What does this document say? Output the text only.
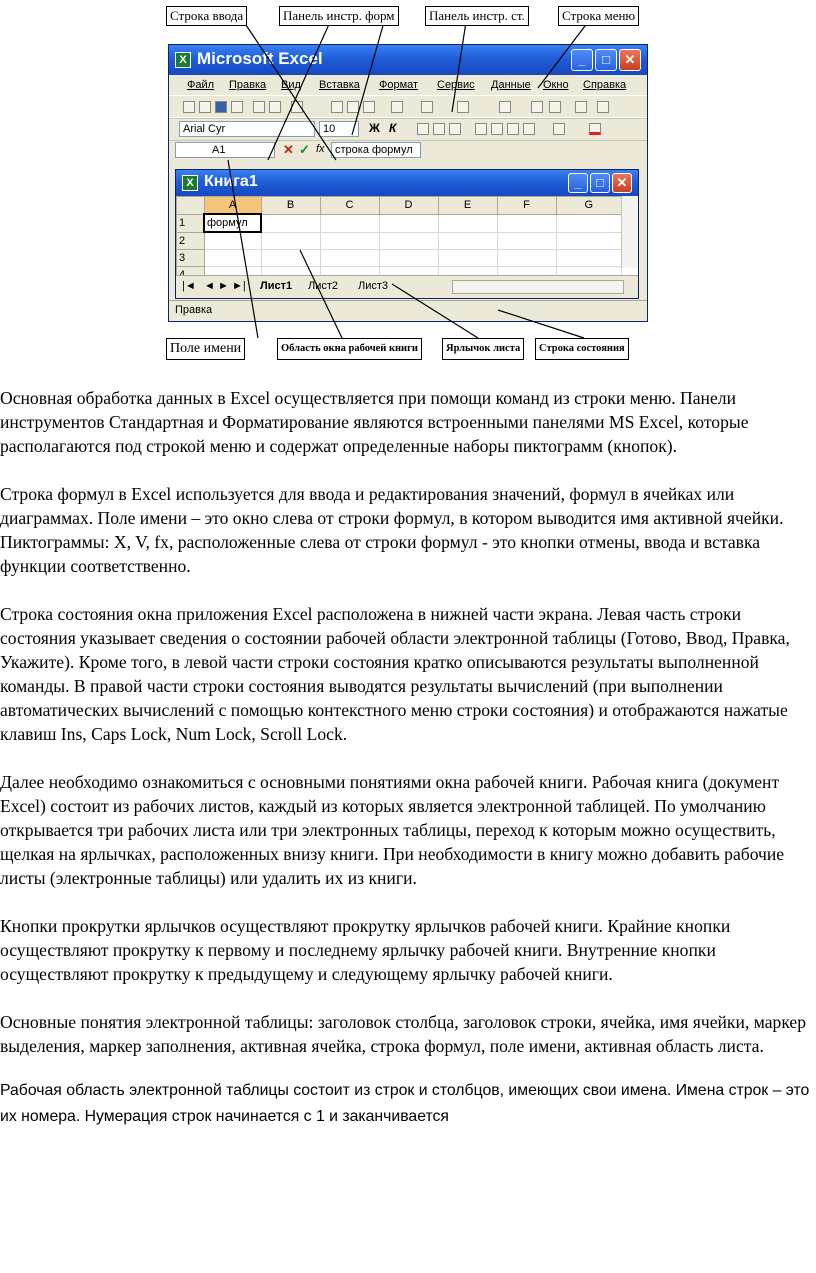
X Microsoft Excel	_	□	✕
Файл Правка Вид Вставка Формат Сервис Данные Окно Справка
Arial Cyr	10	Ж К
A1	✕ ✓ fx строка формул
X Книга1	_	□ ✕
	A	B	C	D	E	F	G
1	формул						
2							
3							

|◄ ◄ ► ►| Лист1 Лист2 Лист3
Правка
Строка ввода	Панель инстр. форм	Панель инстр. ст.	Строка меню
Поле имени	Область окна рабочей книги	Ярлычок листа	Строка состояния

Основная обработка данных в Excel осуществляется при помощи команд из строки меню. Панели инструментов Стандартная и Форматирование являются встроенными панелями MS Excel, которые располагаются под строкой меню и содержат определенные наборы пиктограмм (кнопок).

Строка формул в Excel используется для ввода и редактирования значений, формул в ячейках или диаграммах. Поле имени – это окно слева от строки формул, в котором выводится имя активной ячейки. Пиктограммы: X, V, fx, расположенные слева от строки формул - это кнопки отмены, ввода и вставка функции соответственно.

Строка состояния окна приложения Excel расположена в нижней части экрана. Левая часть строки состояния указывает сведения о состоянии рабочей области электронной таблицы (Готово, Ввод, Правка, Укажите). Кроме того, в левой части строки состояния кратко описываются результаты выполненной команды. В правой части строки состояния выводятся результаты вычислений (при выполнении автоматических вычислений с помощью контекстного меню строки состояния) и отображаются нажатые клавиш Ins, Caps Lock, Num Lock, Scroll Lock.

Далее необходимо ознакомиться с основными понятиями окна рабочей книги. Рабочая книга (документ Excel) состоит из рабочих листов, каждый из которых является электронной таблицей. По умолчанию открывается три рабочих листа или три электронных таблицы, переход к которым можно осуществить, щелкая на ярлычках, расположенных внизу книги. При необходимости в книгу можно добавить рабочие листы (электронные таблицы) или удалить их из книги.

Кнопки прокрутки ярлычков осуществляют прокрутку ярлычков рабочей книги. Крайние кнопки осуществляют прокрутку к первому и последнему ярлычку рабочей книги. Внутренние кнопки осуществляют прокрутку к предыдущему и следующему ярлычку рабочей книги.

Основные понятия электронной таблицы: заголовок столбца, заголовок строки, ячейка, имя ячейки, маркер выделения, маркер заполнения, активная ячейка, строка формул, поле имени, активная область листа.

Рабочая область электронной таблицы состоит из строк и столбцов, имеющих свои имена. Имена строк – это их номера. Нумерация строк начинается с 1 и заканчивается
